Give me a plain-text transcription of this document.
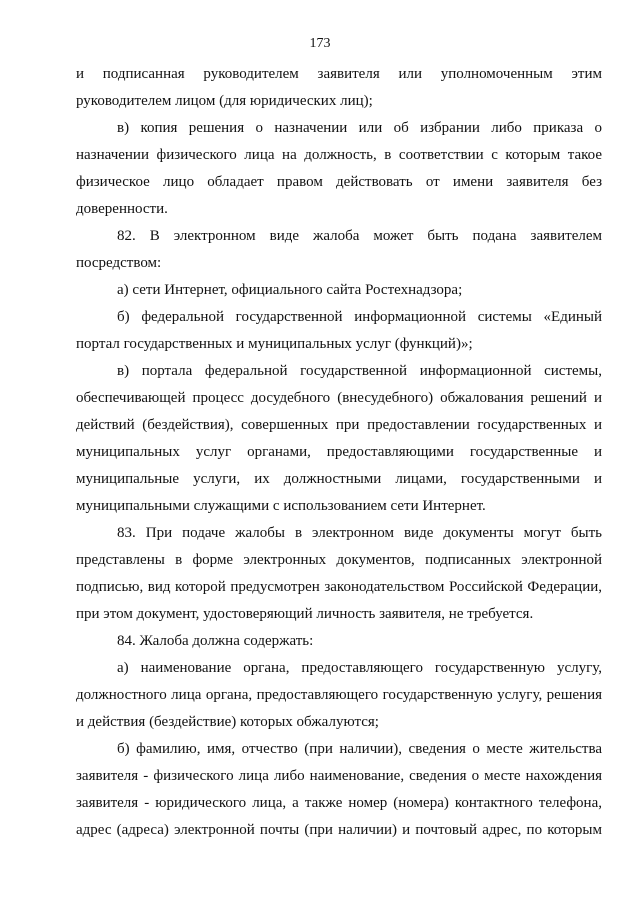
173

и подписанная руководителем заявителя или уполномоченным этим руководителем лицом (для юридических лиц);

в) копия решения о назначении или об избрании либо приказа о назначении физического лица на должность, в соответствии с которым такое физическое лицо обладает правом действовать от имени заявителя без доверенности.

82. В электронном виде жалоба может быть подана заявителем посредством:

а) сети Интернет, официального сайта Ростехнадзора;

б) федеральной государственной информационной системы «Единый портал государственных и муниципальных услуг (функций)»;

в) портала федеральной государственной информационной системы, обеспечивающей процесс досудебного (внесудебного) обжалования решений и действий (бездействия), совершенных при предоставлении государственных и муниципальных услуг органами, предоставляющими государственные и муниципальные услуги, их должностными лицами, государственными и муниципальными служащими с использованием сети Интернет.

83. При подаче жалобы в электронном виде документы могут быть представлены в форме электронных документов, подписанных электронной подписью, вид которой предусмотрен законодательством Российской Федерации, при этом документ, удостоверяющий личность заявителя, не требуется.

84. Жалоба должна содержать:

а) наименование органа, предоставляющего государственную услугу, должностного лица органа, предоставляющего государственную услугу, решения и действия (бездействие) которых обжалуются;

б) фамилию, имя, отчество (при наличии), сведения о месте жительства заявителя - физического лица либо наименование, сведения о месте нахождения заявителя - юридического лица, а также номер (номера) контактного телефона, адрес (адреса) электронной почты (при наличии) и почтовый адрес, по которым
